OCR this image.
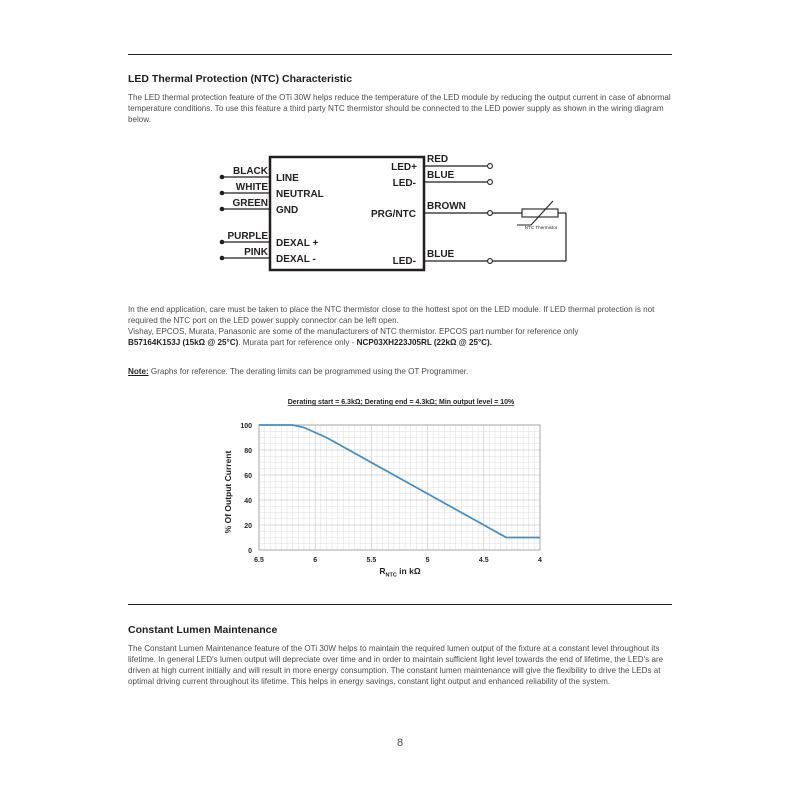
LED Thermal Protection (NTC) Characteristic

The LED thermal protection feature of the OTi 30W helps reduce the temperature of the LED module by reducing the output current in case of abnormal temperature conditions. To use this feature a third party NTC thermistor should be connected to the LED power supply as shown in the wiring diagram below.

BLACK
WHITE
GREEN
PURPLE
PINK
LINE
NEUTRAL
GND
DEXAL +
DEXAL -
LED+
LED-
PRG/NTC
LED-
RED
BLUE
BROWN
BLUE
NTC Thermistor

In the end application, care must be taken to place the NTC thermistor close to the hottest spot on the LED module. If LED thermal protection is not required the NTC port on the LED power supply connector can be left open.
Vishay, EPCOS, Murata, Panasonic are some of the manufacturers of NTC thermistor. EPCOS part number for reference only
B57164K153J (15kΩ @ 25°C). Murata part for reference only - NCP03XH223J05RL (22kΩ @ 25°C).

Note: Graphs for reference. The derating limits can be programmed using the OT Programmer.

Derating start = 6.3kΩ; Derating end = 4.3kΩ; Min output level = 10%
100
80
60
40
20
0
6.5	6	5.5	5	4.5	4
% Of Output Current
$R_{NTC}$ in kΩ
Constant Lumen Maintenance

The Constant Lumen Maintenance feature of the OTi 30W helps to maintain the required lumen output of the fixture at a constant level throughout its lifetime. In general LED's lumen output will depreciate over time and in order to maintain sufficient light level towards the end of lifetime, the LED's are driven at high current initially and will result in more energy consumption. The constant lumen maintenance will give the flexibility to drive the LEDs at optimal driving current throughout its lifetime. This helps in energy savings, constant light output and enhanced reliability of the system.

8
